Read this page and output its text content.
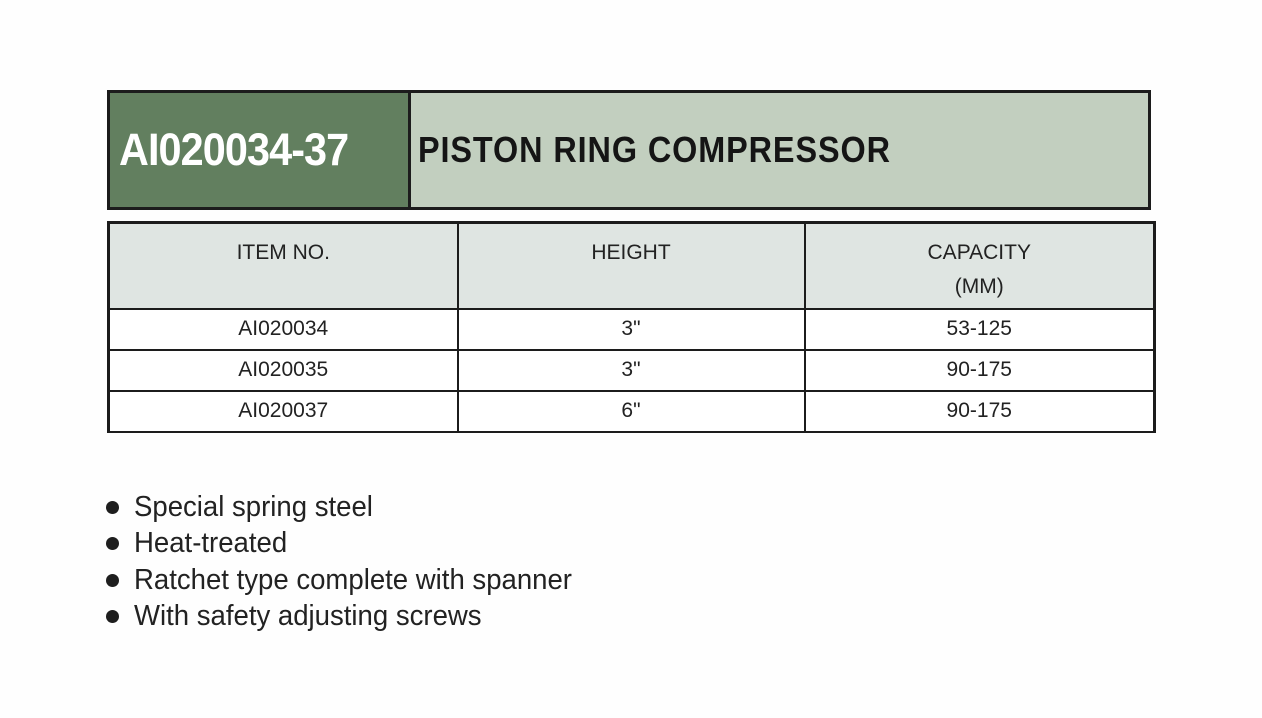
AI020034-37 PISTON RING COMPRESSOR
ITEM NO.	HEIGHT	CAPACITY
(MM)

AI020034	3"	53-125
AI020035	3"	90-175
AI020037	6"	90-175
Special spring steel
Heat-treated
Ratchet type complete with spanner
With safety adjusting screws
